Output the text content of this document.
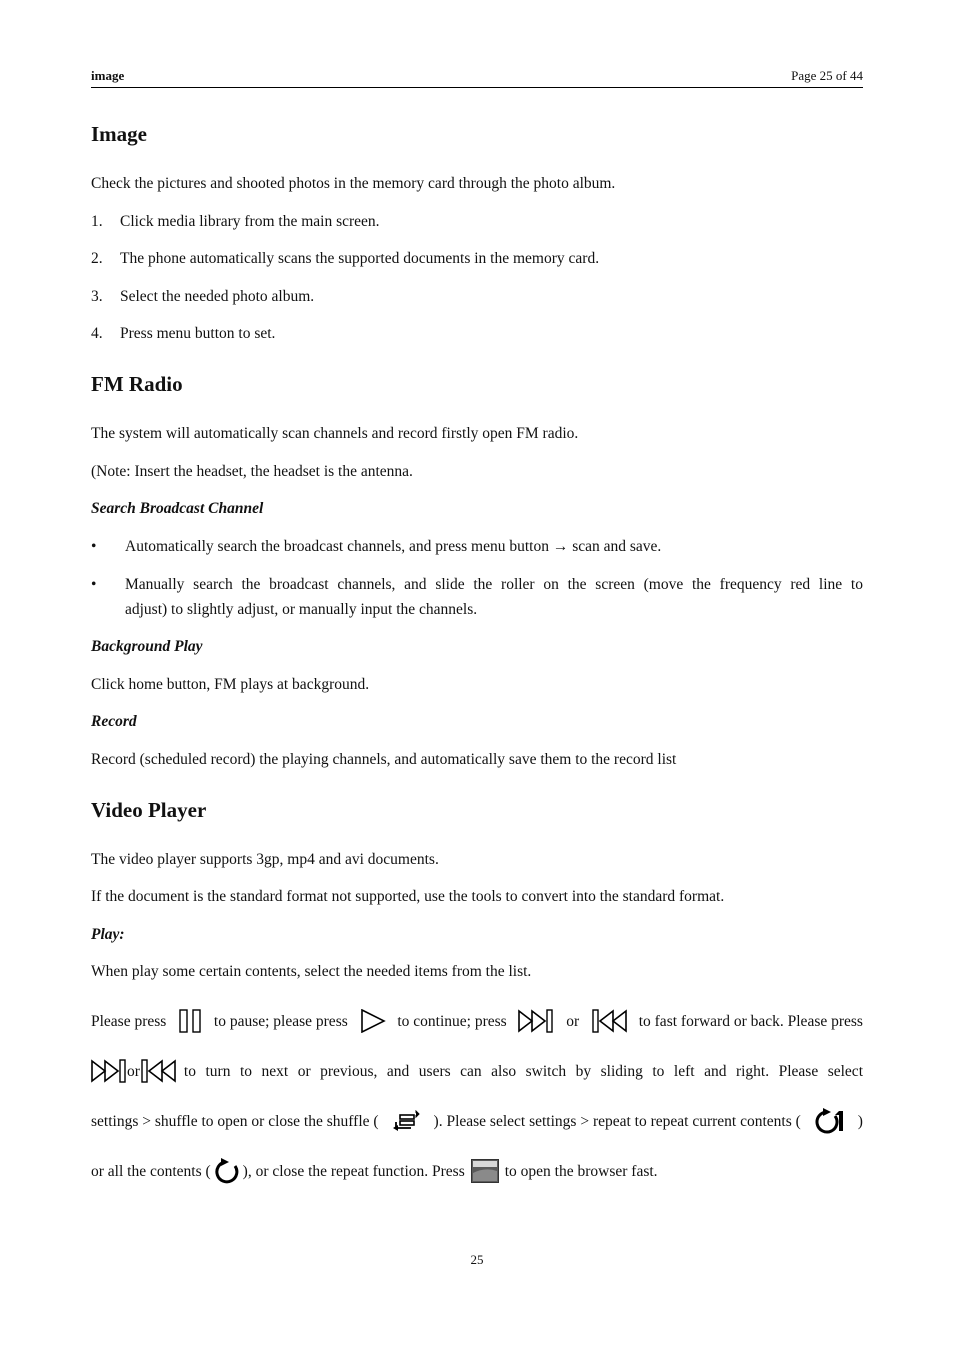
image	Page 25 of 44
Image
Check the pictures and shooted photos in the memory card through the photo album.
1. Click media library from the main screen.
2. The phone automatically scans the supported documents in the memory card.
3. Select the needed photo album.
4. Press menu button to set.
FM Radio
The system will automatically scan channels and record firstly open FM radio.
(Note: Insert the headset, the headset is the antenna.
Search Broadcast Channel
• Automatically search the broadcast channels, and press menu button → scan and save.
•	Manually search the broadcast channels, and slide the roller on the screen (move the frequency red line to
adjust) to slightly adjust, or manually input the channels.
Background Play
Click home button, FM plays at background.
Record
Record (scheduled record) the playing channels, and automatically save them to the record list
Video Player
The video player supports 3gp, mp4 and avi documents.
If the document is the standard format not supported, use the tools to convert into the standard format.
Play:
When play some certain contents, select the needed items from the list.
Please press	to pause; please press	to continue; press	or	to fast forward or back. Please press
or	to turn to next or previous, and users can also switch by sliding to left and right. Please select
settings > shuffle to open or close the shuffle (	). Please select settings > repeat to repeat current contents (	)
or all the contents ( ), or close the repeat function. Press	to open the browser fast.
25
